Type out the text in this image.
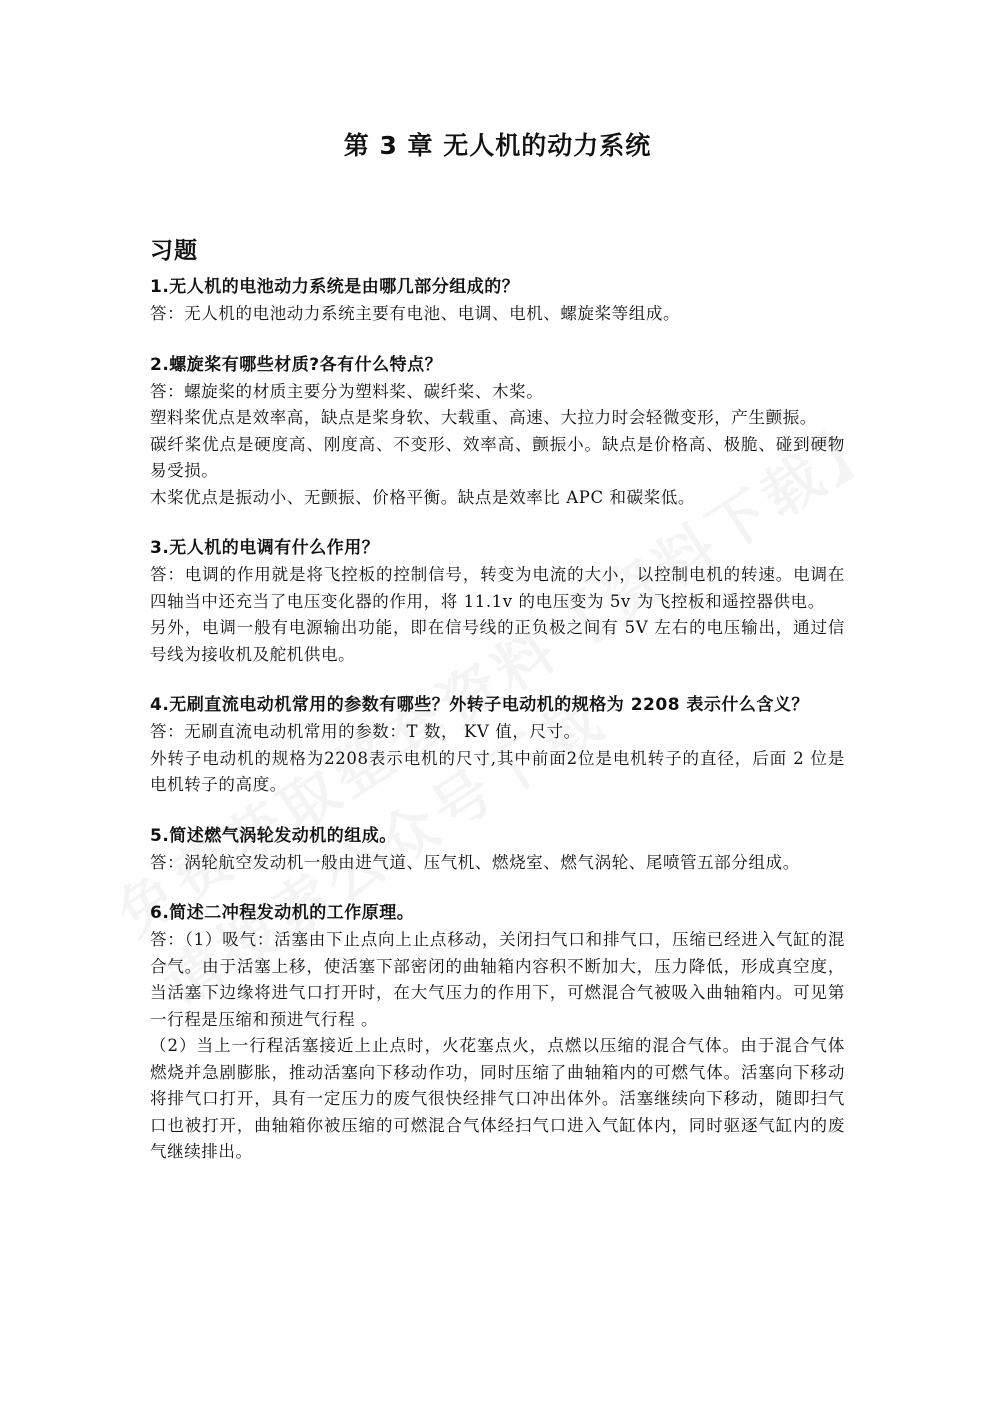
第 3 章 无人机的动力系统
习题

1.无人机的电池动力系统是由哪几部分组成的？

答：无人机的电池动力系统主要有电池、电调、电机、螺旋桨等组成。

2.螺旋桨有哪些材质?各有什么特点？

答：螺旋桨的材质主要分为塑料桨、碳纤桨、木桨。

塑料桨优点是效率高，缺点是桨身软、大载重、高速、大拉力时会轻微变形，产生颤振。

碳纤桨优点是硬度高、刚度高、不变形、效率高、颤振小。缺点是价格高、极脆、碰到硬物易受损。

木桨优点是振动小、无颤振、价格平衡。缺点是效率比 APC 和碳桨低。

3.无人机的电调有什么作用？

答：电调的作用就是将飞控板的控制信号，转变为电流的大小，以控制电机的转速。电调在四轴当中还充当了电压变化器的作用，将 11.1v 的电压变为 5v 为飞控板和遥控器供电。

另外，电调一般有电源输出功能，即在信号线的正负极之间有 5V 左右的电压输出，通过信号线为接收机及舵机供电。

4.无刷直流电动机常用的参数有哪些？外转子电动机的规格为 2208 表示什么含义？

答：无刷直流电动机常用的参数：T 数， KV 值，尺寸。

外转子电动机的规格为2208表示电机的尺寸,其中前面2位是电机转子的直径，后面 2 位是电机转子的高度。

5.简述燃气涡轮发动机的组成。

答：涡轮航空发动机一般由进气道、压气机、燃烧室、燃气涡轮、尾喷管五部分组成。

6.简述二冲程发动机的工作原理。

答：（1）吸气：活塞由下止点向上止点移动，关闭扫气口和排气口，压缩已经进入气缸的混合气。由于活塞上移，使活塞下部密闭的曲轴箱内容积不断加大，压力降低，形成真空度，当活塞下边缘将进气口打开时，在大气压力的作用下，可燃混合气被吸入曲轴箱内。可见第一行程是压缩和预进气行程 。

（2）当上一行程活塞接近上止点时，火花塞点火，点燃以压缩的混合气体。由于混合气体燃烧并急剧膨胀，推动活塞向下移动作功，同时压缩了曲轴箱内的可燃气体。活塞向下移动将排气口打开，具有一定压力的废气很快经排气口冲出体外。活塞继续向下移动，随即扫气口也被打开，曲轴箱你被压缩的可燃混合气体经扫气口进入气缸体内，同时驱逐气缸内的废气继续排出。
